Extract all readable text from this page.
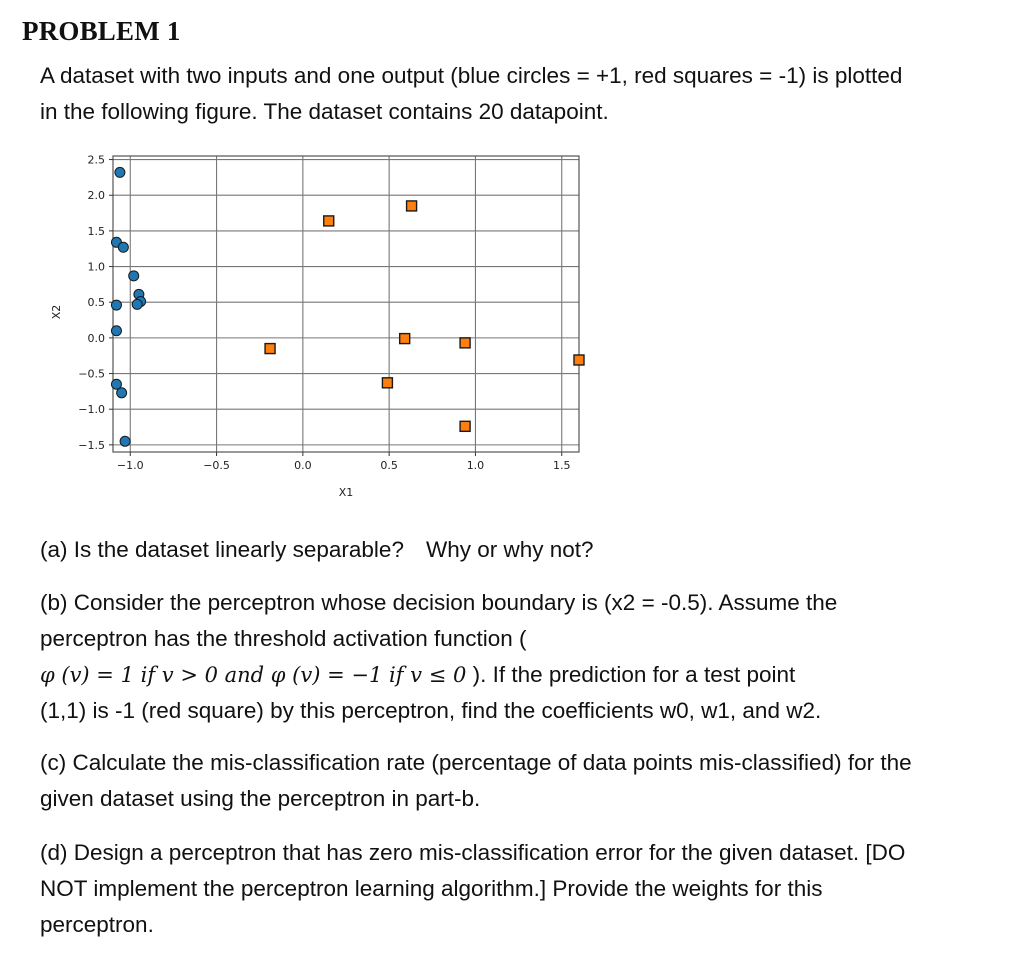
PROBLEM 1
A dataset with two inputs and one output (blue circles = +1, red squares = -1) is plotted
in the following figure. The dataset contains 20 datapoint.
−1.0	−0.5	0.0	0.5	1.0	1.5
−1.5
−1.0
−0.5
0.0
0.5
1.0
1.5
2.0
2.5
X1
X2
(a) Is the dataset linearly separable? Why or why not?
(b) Consider the perceptron whose decision boundary is (x2 = -0.5). Assume the
perceptron has the threshold activation function (
φ (v) = 1 if v > 0 and φ (v) = −1 if v ≤ 0 ). If the prediction for a test point
(1,1) is -1 (red square) by this perceptron, find the coefficients w0, w1, and w2.
(c) Calculate the mis-classification rate (percentage of data points mis-classified) for the
given dataset using the perceptron in part-b.
(d) Design a perceptron that has zero mis-classification error for the given dataset. [DO
NOT implement the perceptron learning algorithm.] Provide the weights for this
perceptron.
